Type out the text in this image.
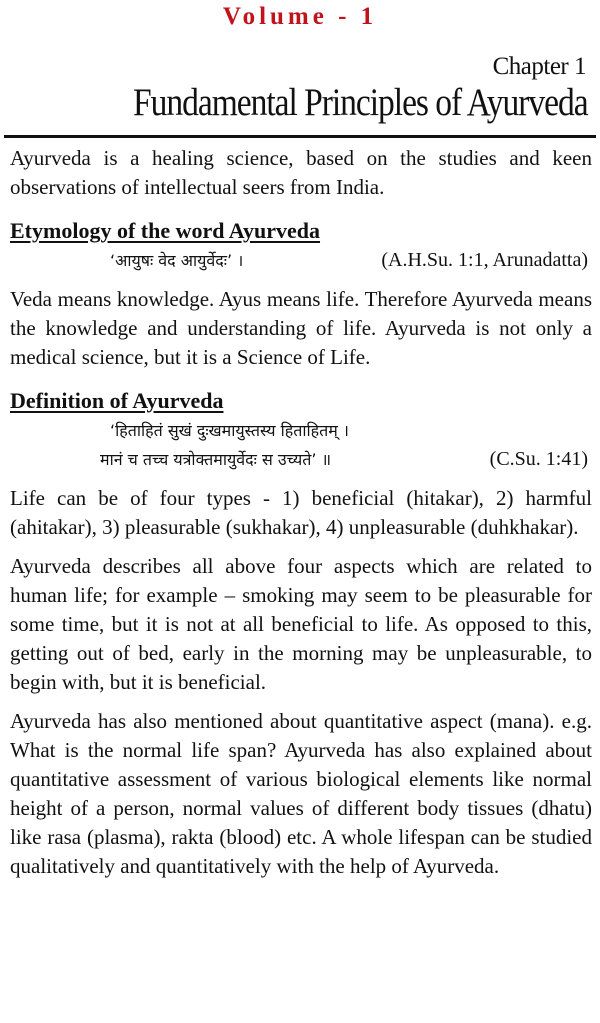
Volume - 1
Chapter 1
Fundamental Principles of Ayurveda

Ayurveda is a healing science, based on the studies and keen observations of intellectual seers from India.

Etymology of the word Ayurveda
‘आयुषः वेद आयुर्वेदः’ ।	(A.H.Su. 1:1, Arunadatta)

Veda means knowledge. Ayus means life. Therefore Ayurveda means the knowledge and understanding of life. Ayurveda is not only a medical science, but it is a Science of Life.

Definition of Ayurveda
‘हिताहितं सुखं दुःखमायुस्तस्य हिताहितम् ।
मानं च तच्च यत्रोक्तमायुर्वेदः स उच्यते’ ॥	(C.Su. 1:41)

Life can be of four types - 1) beneficial (hitakar), 2) harmful (ahitakar), 3) pleasurable (sukhakar), 4) unpleasurable (duhkhakar).

Ayurveda describes all above four aspects which are related to human life; for example – smoking may seem to be pleasurable for some time, but it is not at all beneficial to life. As opposed to this, getting out of bed, early in the morning may be unpleasurable, to begin with, but it is beneficial.

Ayurveda has also mentioned about quantitative aspect (mana). e.g. What is the normal life span? Ayurveda has also explained about quantitative assessment of various biological elements like normal height of a person, normal values of different body tissues (dhatu) like rasa (plasma), rakta (blood) etc. A whole lifespan can be studied qualitatively and quantitatively with the help of Ayurveda.
